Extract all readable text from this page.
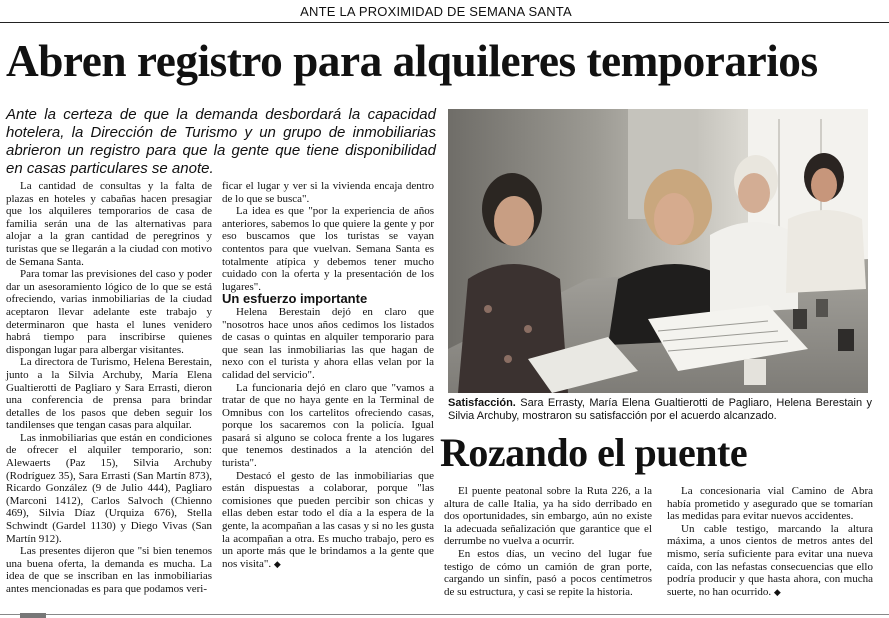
ANTE LA PROXIMIDAD DE SEMANA SANTA
Abren registro para alquileres temporarios
Ante la certeza de que la demanda desbordará la capacidad hotelera, la Dirección de Turismo y un grupo de inmobiliarias abrieron un registro para que la gente que tiene disponibilidad en casas particulares se anote.

La cantidad de consultas y la falta de plazas en hoteles y cabañas hacen presagiar que los alquileres temporarios de casa de familia serán una de las alternativas para alojar a la gran cantidad de peregrinos y turistas que se llegarán a la ciudad con motivo de Semana Santa.

Para tomar las previsiones del caso y poder dar un asesoramiento lógico de lo que se está ofreciendo, varias inmobiliarias de la ciudad aceptaron llevar adelante este trabajo y determinaron que hasta el lunes venidero habrá tiempo para inscribirse quienes dispongan lugar para albergar visitantes.

La directora de Turismo, Helena Berestain, junto a la Silvia Archuby, María Elena Gualtierotti de Pagliaro y Sara Errasti, dieron una conferencia de prensa para brindar detalles de los pasos que deben seguir los tandilenses que tengan casas para alquilar.

Las inmobiliarias que están en condiciones de ofrecer el alquiler temporario, son: Alewaerts (Paz 15), Silvia Archuby (Rodríguez 35), Sara Errasti (San Martín 873), Ricardo González (9 de Julio 444), Pagliaro (Marconi 1412), Carlos Salvoch (Chienno 469), Silvia Díaz (Urquiza 676), Stella Schwindt (Gardel 1130) y Diego Vivas (San Martín 912).

Las presentes dijeron que "si bien tenemos una buena oferta, la demanda es mucha. La idea de que se inscriban en las inmobiliarias antes mencionadas es para que podamos veri-

ficar el lugar y ver si la vivienda encaja dentro de lo que se busca".

La idea es que "por la experiencia de años anteriores, sabemos lo que quiere la gente y por eso buscamos que los turistas se vayan contentos para que vuelvan. Semana Santa es totalmente atípica y debemos tener mucho cuidado con la oferta y la presentación de los lugares".

Un esfuerzo importante

Helena Berestain dejó en claro que "nosotros hace unos años cedimos los listados de casas o quintas en alquiler temporario para que sean las inmobiliarias las que hagan de nexo con el turista y ahora ellas velan por la calidad del servicio".

La funcionaria dejó en claro que "vamos a tratar de que no haya gente en la Terminal de Omnibus con los cartelitos ofreciendo casas, porque los sacaremos con la policía. Igual pasará si alguno se coloca frente a los lugares que tenemos destinados a la atención del turista".

Destacó el gesto de las inmobiliarias que están dispuestas a colaborar, porque "las comisiones que pueden percibir son chicas y ellas deben estar todo el día a la espera de la gente, la acompañan a las casas y si no les gusta la acompañan a otra. Es mucho trabajo, pero es un aporte más que le brindamos a la gente que nos visita". ◆

Satisfacción. Sara Errasty, María Elena Gualtierotti de Pagliaro, Helena Berestain y Silvia Archuby, mostraron su satisfacción por el acuerdo alcanzado.
Rozando el puente

El puente peatonal sobre la Ruta 226, a la altura de calle Italia, ya ha sido derribado en dos oportunidades, sin embargo, aún no existe la adecuada señalización que garantice que el derrumbe no vuelva a ocurrir.

En estos días, un vecino del lugar fue testigo de cómo un camión de gran porte, cargando un sinfín, pasó a pocos centímetros de su estructura, y casi se repite la historia.

La concesionaria vial Camino de Abra había prometido y asegurado que se tomarían las medidas para evitar nuevos accidentes.

Un cable testigo, marcando la altura máxima, a unos cientos de metros antes del mismo, sería suficiente para evitar una nueva caída, con las nefastas consecuencias que ello podría producir y que hasta ahora, con mucha suerte, no han ocurrido. ◆
